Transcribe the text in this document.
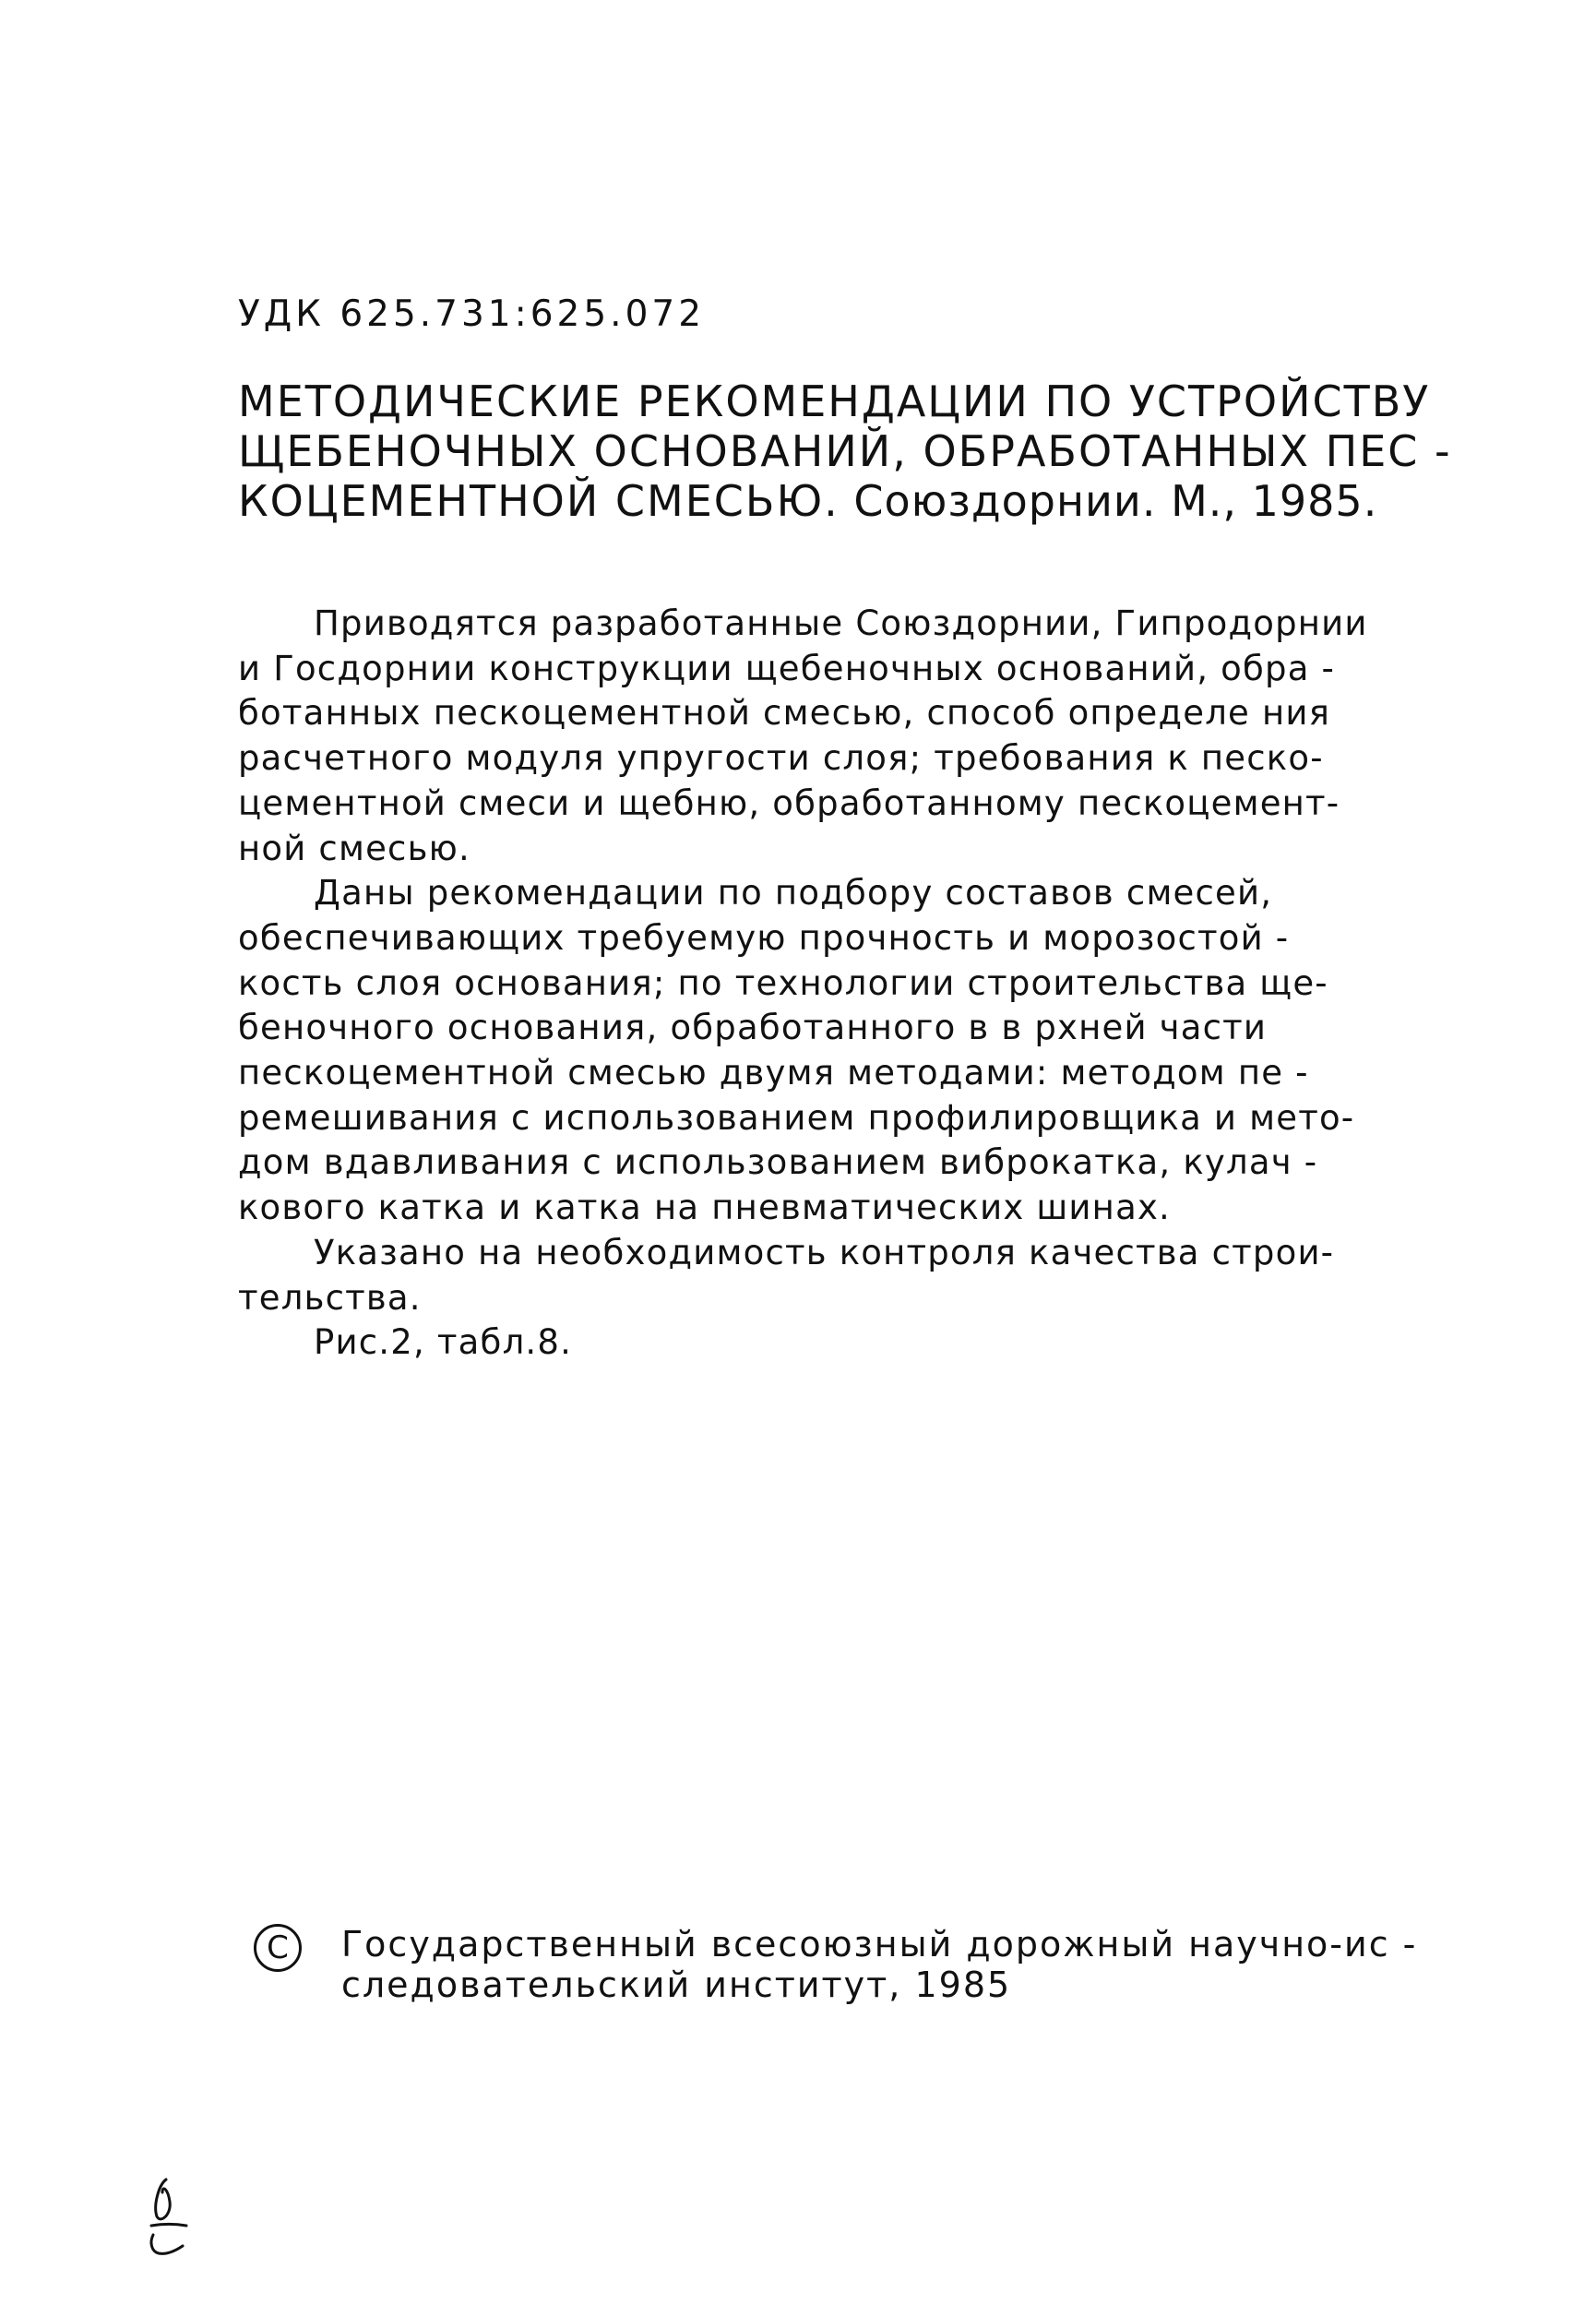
УДК 625.731:625.072
МЕТОДИЧЕСКИЕ РЕКОМЕНДАЦИИ ПО УСТРОЙСТВУ
ЩЕБЕНОЧНЫХ ОСНОВАНИЙ, ОБРАБОТАННЫХ ПЕС -
КОЦЕМЕНТНОЙ СМЕСЬЮ. Союздорнии. М., 1985.
Приводятся разработанные Союздорнии, Гипродорнии
и Госдорнии конструкции щебеночных оснований, обра -
ботанных пескоцементной смесью, способ определе ния
расчетного модуля упругости слоя; требования к песко-
цементной смеси и щебню, обработанному пескоцемент-
ной смесью.
Даны рекомендации по подбору составов смесей,
обеспечивающих требуемую прочность и морозостой -
кость слоя основания; по технологии строительства ще-
беночного основания, обработанного в в рхней части
пескоцементной смесью двумя методами: методом пе -
ремешивания с использованием профилировщика и мето-
дом вдавливания с использованием виброкатка, кулач -
кового катка и катка на пневматических шинах.
Указано на необходимость контроля качества строи-
тельства.
Рис.2, табл.8.
C	Государственный всесоюзный дорожный научно-ис -
следовательский институт, 1985
